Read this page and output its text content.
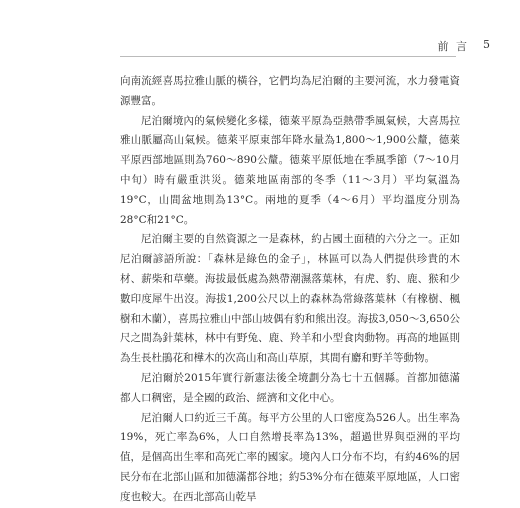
前 言 5

向南流經喜馬拉雅山脈的橫谷，它們均為尼泊爾的主要河流，水力發電資源豐富。

尼泊爾境內的氣候變化多樣，德萊平原為亞熱帶季風氣候，大喜馬拉雅山脈屬高山氣候。德萊平原東部年降水量為1,800～1,900公釐，德萊平原西部地區則為760～890公釐。德萊平原低地在季風季節（7～10月中旬）時有嚴重洪災。德萊地區南部的冬季（11～3月）平均氣溫為19°C，山間盆地則為13°C。兩地的夏季（4～6月）平均溫度分別為28°C和21°C。

尼泊爾主要的自然資源之一是森林，約占國土面積的六分之一。正如尼泊爾諺語所說：「森林是綠色的金子」，林區可以為人們提供珍貴的木材、薪柴和草藥。海拔最低處為熱帶潮濕落葉林，有虎、豹、鹿、猴和少數印度犀牛出沒。海拔1,200公尺以上的森林為常綠落葉林（有橡樹、楓樹和木蘭），喜馬拉雅山中部山坡偶有豹和熊出沒。海拔3,050～3,650公尺之間為針葉林，林中有野兔、鹿、羚羊和小型食肉動物。再高的地區則為生長杜鵑花和樺木的次高山和高山草原，其間有麝和野羊等動物。

尼泊爾於2015年實行新憲法後全境劃分為七十五個縣。首都加德滿都人口稠密，是全國的政治、經濟和文化中心。

尼泊爾人口約近三千萬。每平方公里的人口密度為526人。出生率為19%，死亡率為6%，人口自然增長率為13%，超過世界與亞洲的平均值，是個高出生率和高死亡率的國家。境內人口分布不均，有約46%的居民分布在北部山區和加德滿都谷地；約53%分布在德萊平原地區，人口密度也較大。在西北部高山乾旱
